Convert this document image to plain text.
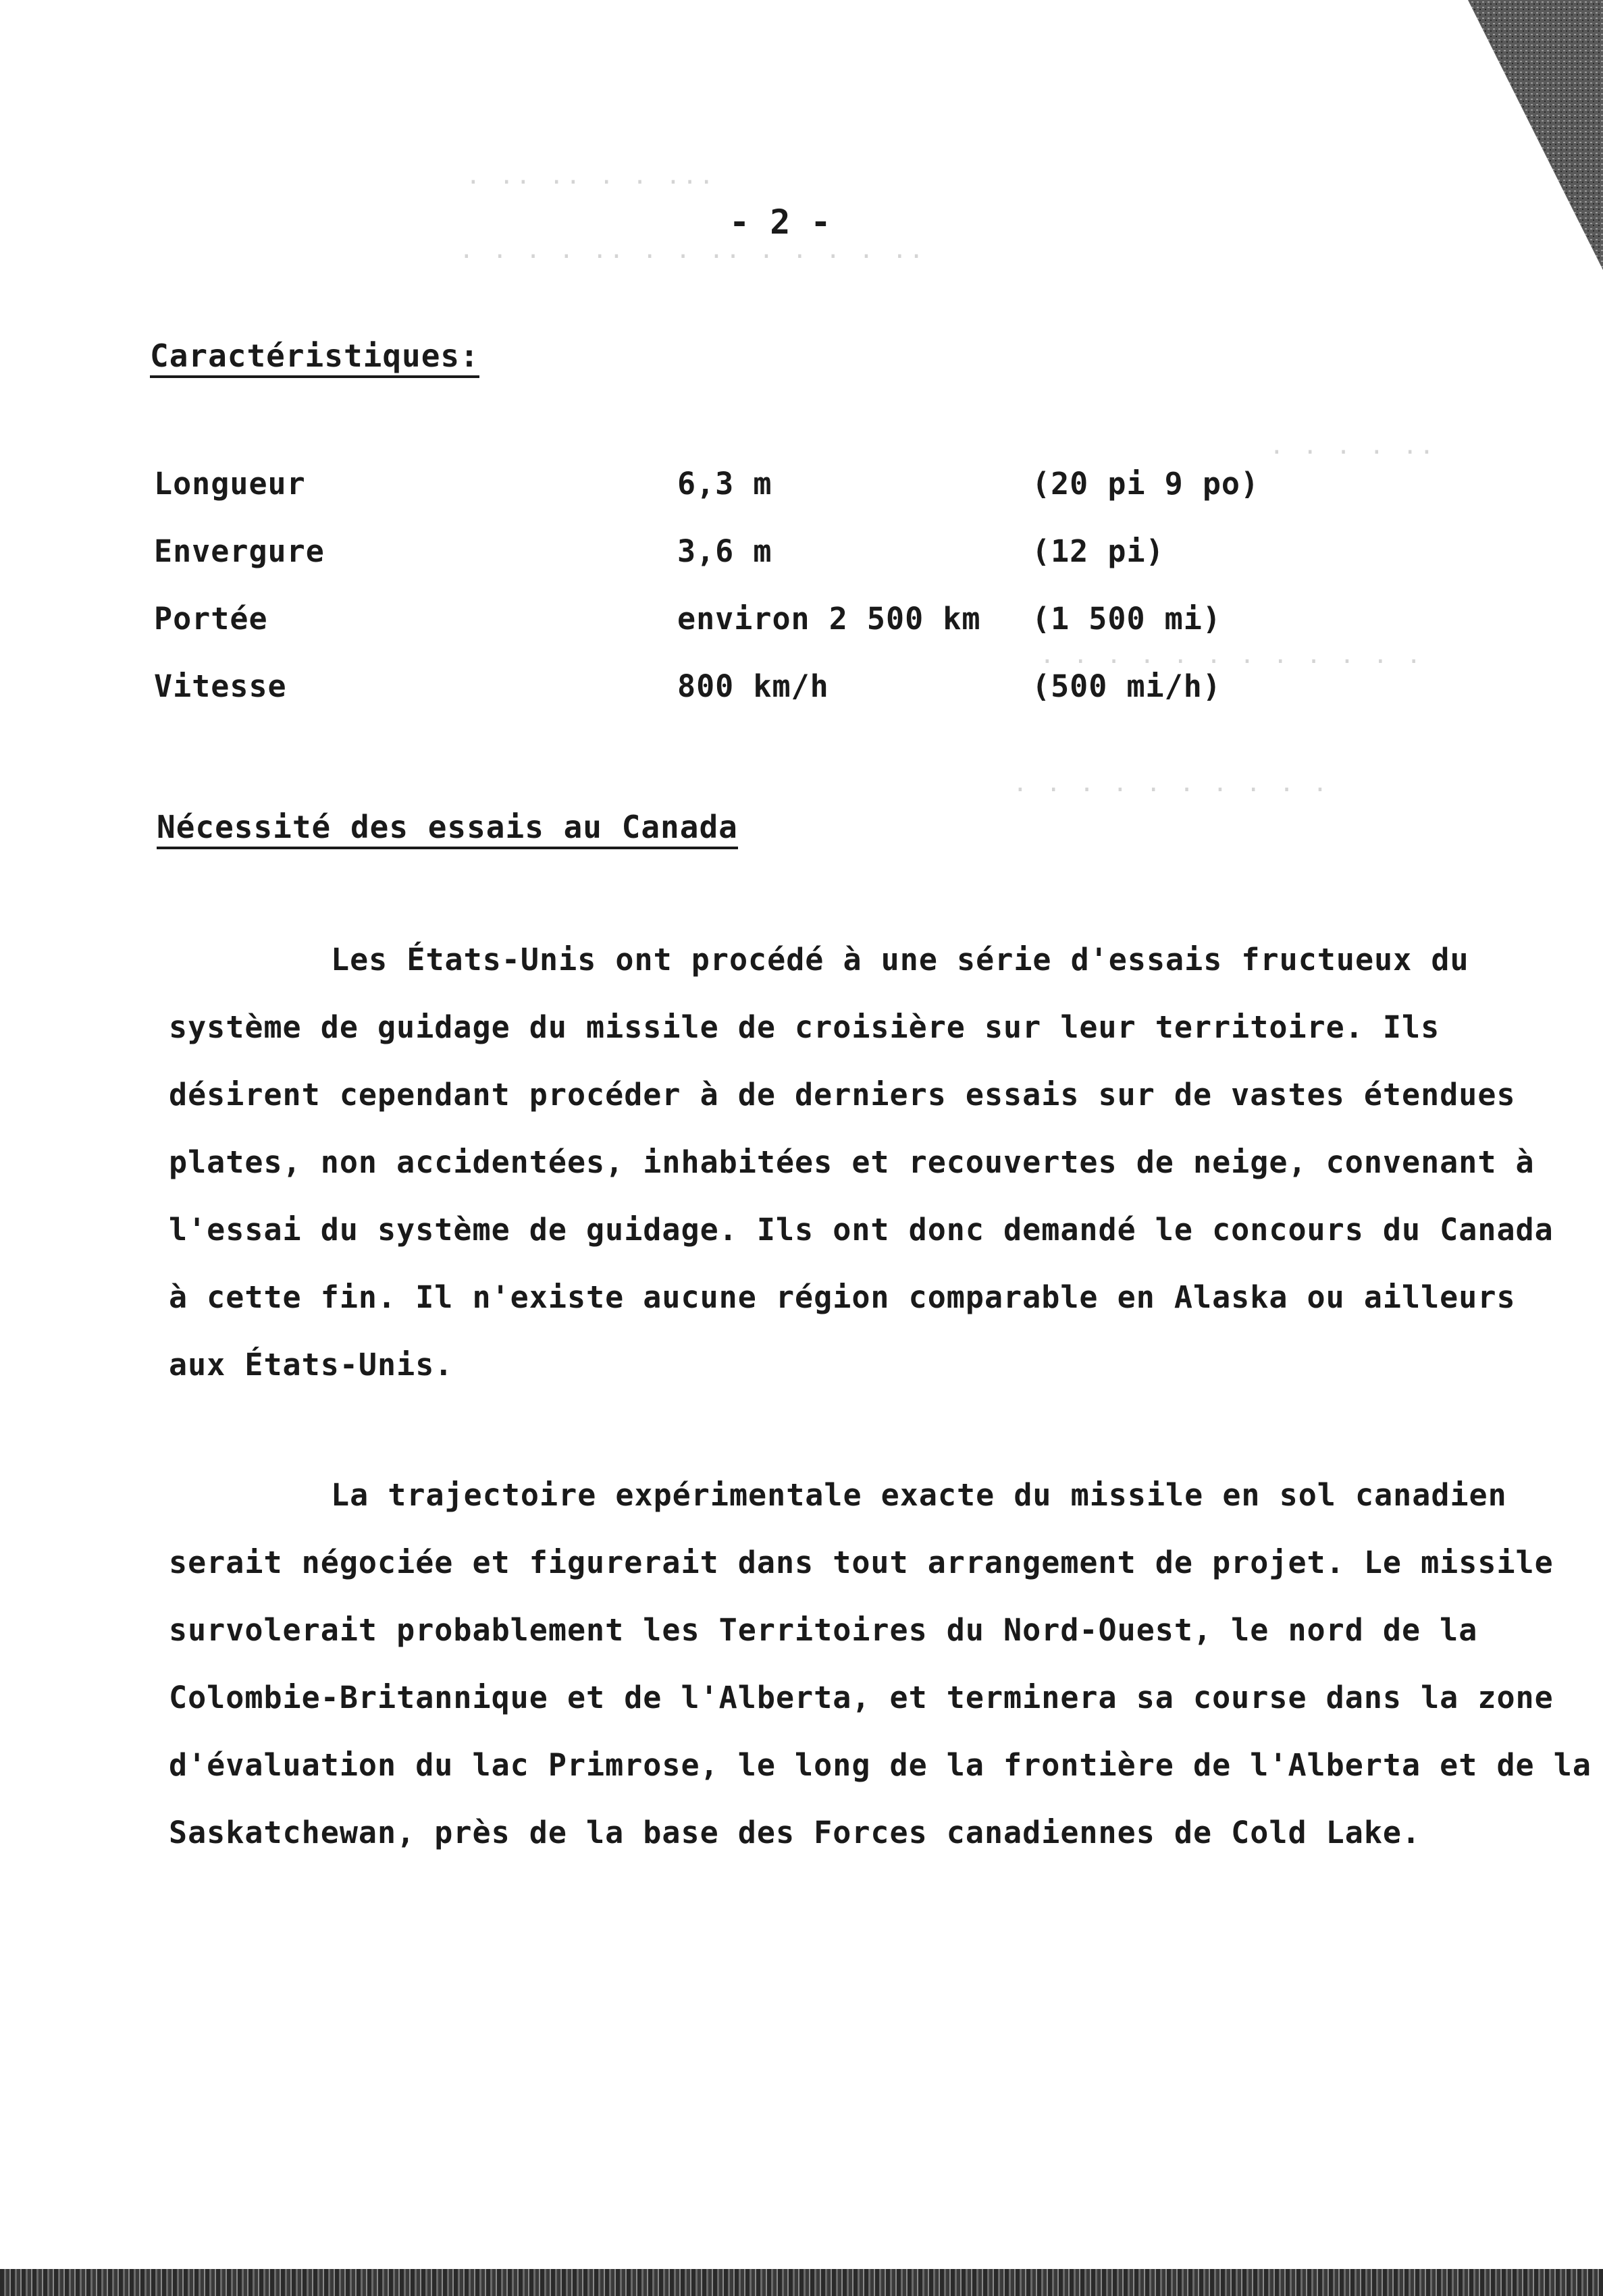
· ·· ·· · · ···
· · · · ·· · · ·· · · · · ··
· · · · ··
· · · · · · · · · · · ·
· · · · · · · · · ·
- 2 -
Caractéristiques:
Longueur	6,3 m	(20 pi 9 po)
Envergure	3,6 m	(12 pi)
Portée	environ 2 500 km (1 500 mi)
Vitesse	800 km/h	(500 mi/h)
Nécessité des essais au Canada
Les États-Unis ont procédé à une série d'essais fructueux du
système de guidage du missile de croisière sur leur territoire. Ils
désirent cependant procéder à de derniers essais sur de vastes étendues
plates, non accidentées, inhabitées et recouvertes de neige, convenant à
l'essai du système de guidage. Ils ont donc demandé le concours du Canada
à cette fin. Il n'existe aucune région comparable en Alaska ou ailleurs
aux États-Unis.
La trajectoire expérimentale exacte du missile en sol canadien
serait négociée et figurerait dans tout arrangement de projet. Le missile
survolerait probablement les Territoires du Nord-Ouest, le nord de la
Colombie-Britannique et de l'Alberta, et terminera sa course dans la zone
d'évaluation du lac Primrose, le long de la frontière de l'Alberta et de la
Saskatchewan, près de la base des Forces canadiennes de Cold Lake.
